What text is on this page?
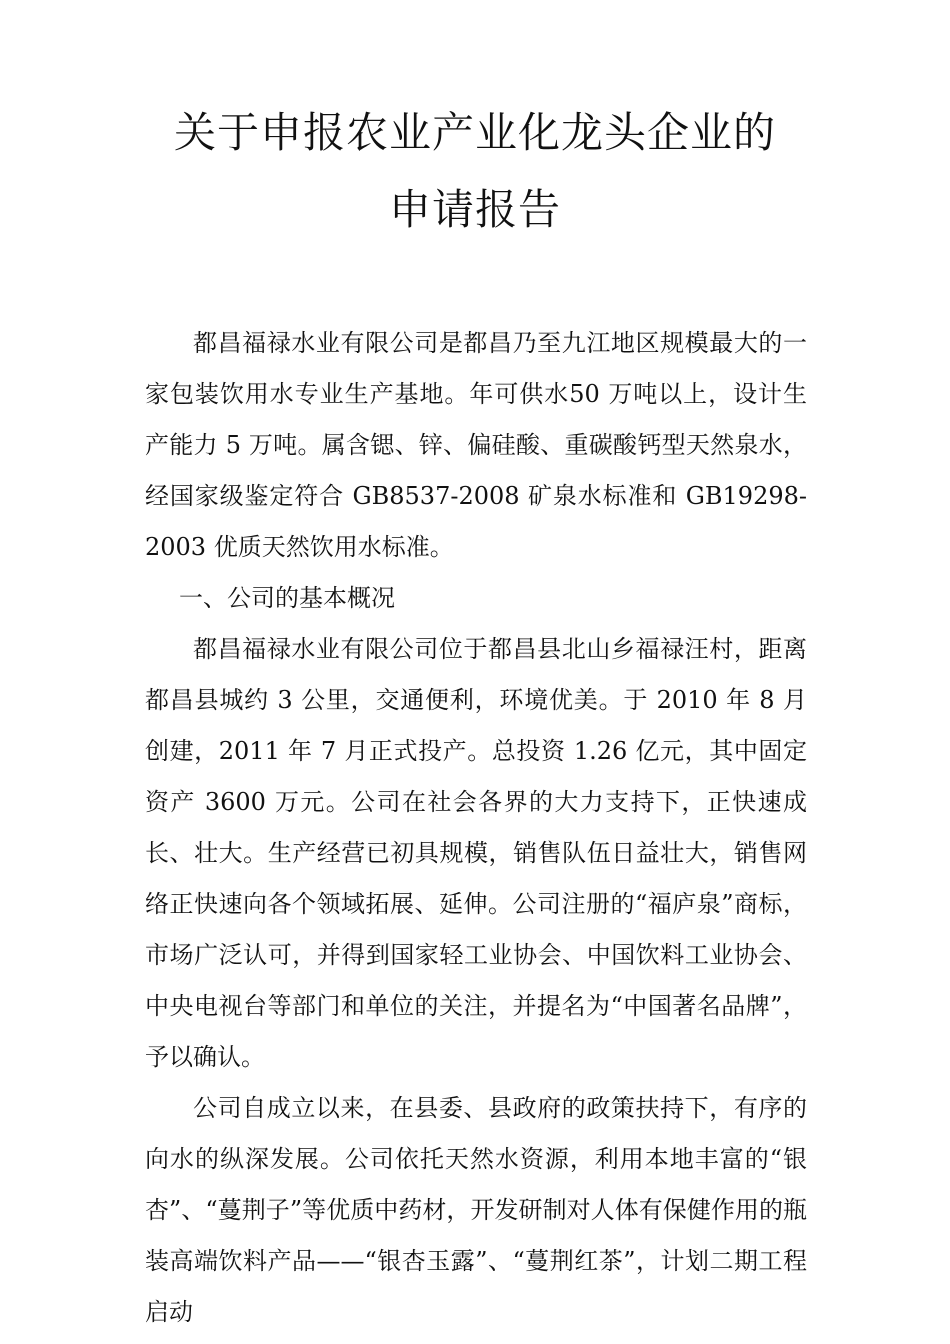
关于申报农业产业化龙头企业的
申请报告

都昌福禄水业有限公司是都昌乃至九江地区规模最大的一家包装饮用水专业生产基地。年可供水50 万吨以上，设计生产能力 5 万吨。属含锶、锌、偏硅酸、重碳酸钙型天然泉水，经国家级鉴定符合 GB8537-2008 矿泉水标准和 GB19298-2003 优质天然饮用水标准。

一、公司的基本概况

都昌福禄水业有限公司位于都昌县北山乡福禄汪村，距离都昌县城约 3 公里，交通便利，环境优美。于 2010 年 8 月创建，2011 年 7 月正式投产。总投资 1.26 亿元，其中固定资产 3600 万元。公司在社会各界的大力支持下，正快速成长、壮大。生产经营已初具规模，销售队伍日益壮大，销售网络正快速向各个领域拓展、延伸。公司注册的“福庐泉”商标，市场广泛认可，并得到国家轻工业协会、中国饮料工业协会、中央电视台等部门和单位的关注，并提名为“中国著名品牌”，予以确认。

公司自成立以来，在县委、县政府的政策扶持下，有序的向水的纵深发展。公司依托天然水资源，利用本地丰富的“银杏”、“蔓荆子”等优质中药材，开发研制对人体有保健作用的瓶装高端饮料产品——“银杏玉露”、“蔓荆红茶”，计划二期工程启动
